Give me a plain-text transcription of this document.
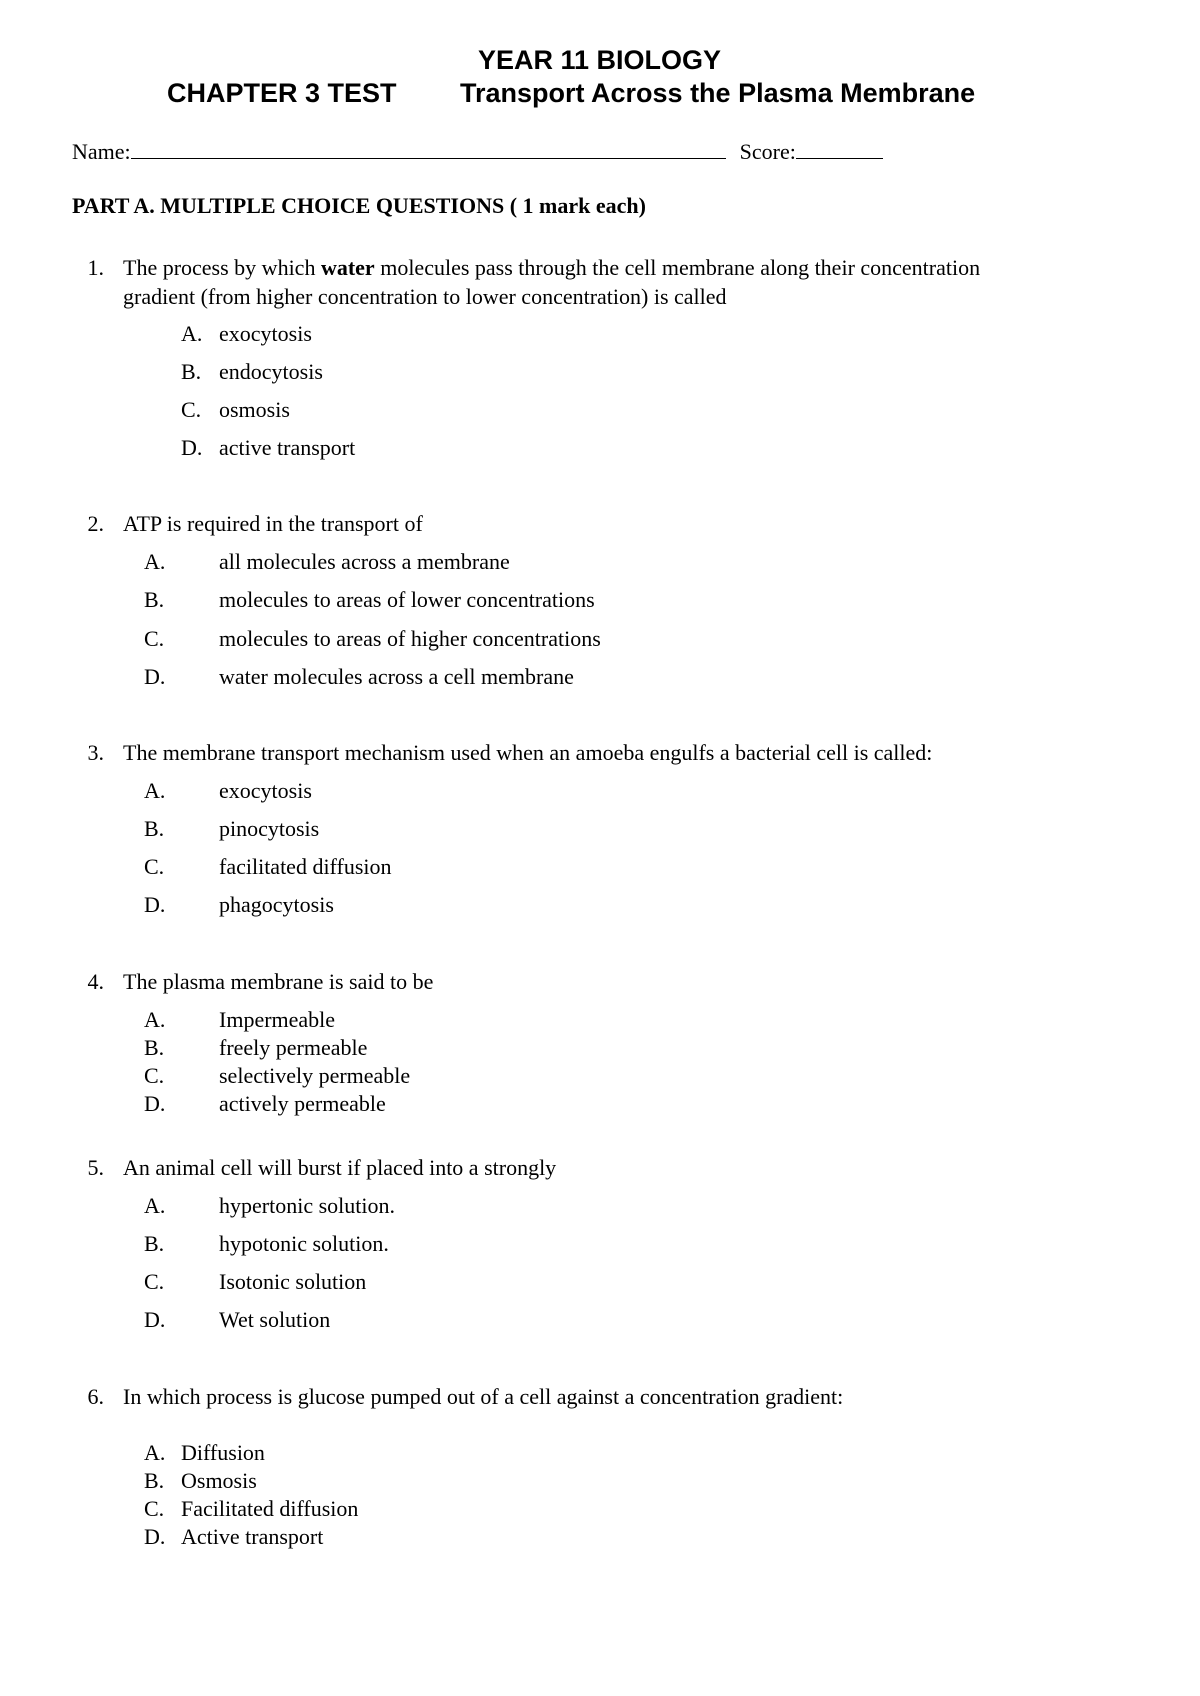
YEAR 11 BIOLOGY
CHAPTER 3 TEST Transport Across the Plasma Membrane
Name:	Score:
PART A. MULTIPLE CHOICE QUESTIONS ( 1 mark each)
1. The process by which water molecules pass through the cell membrane along their concentration
gradient (from higher concentration to lower concentration) is called
A. exocytosis
B. endocytosis
C. osmosis
D. active transport
2. ATP is required in the transport of
A. all molecules across a membrane
B. molecules to areas of lower concentrations
C. molecules to areas of higher concentrations
D. water molecules across a cell membrane
3. The membrane transport mechanism used when an amoeba engulfs a bacterial cell is called:
A. exocytosis
B. pinocytosis
C. facilitated diffusion
D. phagocytosis
4. The plasma membrane is said to be
A. Impermeable
B. freely permeable
C. selectively permeable
D. actively permeable
5. An animal cell will burst if placed into a strongly
A. hypertonic solution.
B. hypotonic solution.
C. Isotonic solution
D. Wet solution
6. In which process is glucose pumped out of a cell against a concentration gradient:
A. Diffusion
B. Osmosis
C. Facilitated diffusion
D. Active transport
